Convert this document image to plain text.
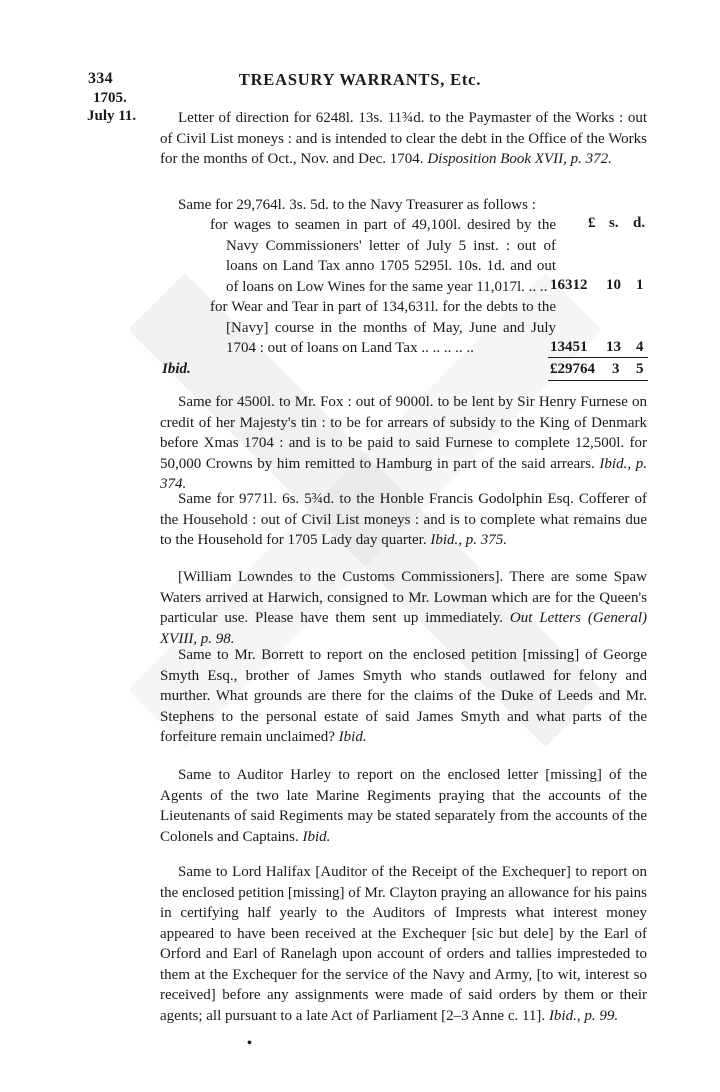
334	TREASURY WARRANTS, Etc.
1705.
July 11.	Letter of direction for 6248l. 13s. 11¾d. to the Paymaster of the Works : out of Civil List moneys : and is intended to clear the debt in the Office of the Works for the months of Oct., Nov. and Dec. 1704. Disposition Book XVII, p. 372.
Same for 29,764l. 3s. 5d. to the Navy Treasurer as follows :
£ s. d.
for wages to seamen in part of 49,100l. desired by the Navy Commissioners' letter of July 5 inst. : out of loans on Land Tax anno 1705 5295l. 10s. 1d. and out of loans on Low Wines for the same year 11,017l. .. .. 16312 10 1
for Wear and Tear in part of 134,631l. for the debts to the [Navy] course in the months of May, June and July 1704 : out of loans on Land Tax .. .. .. .. ..	13451 13 4
Ibid.	£29764 3 5
Same for 4500l. to Mr. Fox : out of 9000l. to be lent by Sir Henry Furnese on credit of her Majesty's tin : to be for arrears of subsidy to the King of Denmark before Xmas 1704 : and is to be paid to said Furnese to complete 12,500l. for 50,000 Crowns by him remitted to Hamburg in part of the said arrears. Ibid., p. 374.
Same for 9771l. 6s. 5¾d. to the Honble Francis Godolphin Esq. Cofferer of the Household : out of Civil List moneys : and is to complete what remains due to the Household for 1705 Lady day quarter. Ibid., p. 375.
[William Lowndes to the Customs Commissioners]. There are some Spaw Waters arrived at Harwich, consigned to Mr. Lowman which are for the Queen's particular use. Please have them sent up immediately. Out Letters (General) XVIII, p. 98.
Same to Mr. Borrett to report on the enclosed petition [missing] of George Smyth Esq., brother of James Smyth who stands outlawed for felony and murther. What grounds are there for the claims of the Duke of Leeds and Mr. Stephens to the personal estate of said James Smyth and what parts of the forfeiture remain unclaimed? Ibid.
Same to Auditor Harley to report on the enclosed letter [missing] of the Agents of the two late Marine Regiments praying that the accounts of the Lieutenants of said Regiments may be stated separately from the accounts of the Colonels and Captains. Ibid.
Same to Lord Halifax [Auditor of the Receipt of the Exchequer] to report on the enclosed petition [missing] of Mr. Clayton praying an allowance for his pains in certifying half yearly to the Auditors of Imprests what interest money appeared to have been received at the Exchequer [sic but dele] by the Earl of Orford and Earl of Ranelagh upon account of orders and tallies impresteded to them at the Exchequer for the service of the Navy and Army, [to wit, interest so received] before any assignments were made of said orders by them or their agents; all pursuant to a late Act of Parliament [2–3 Anne c. 11]. Ibid., p. 99.
•
